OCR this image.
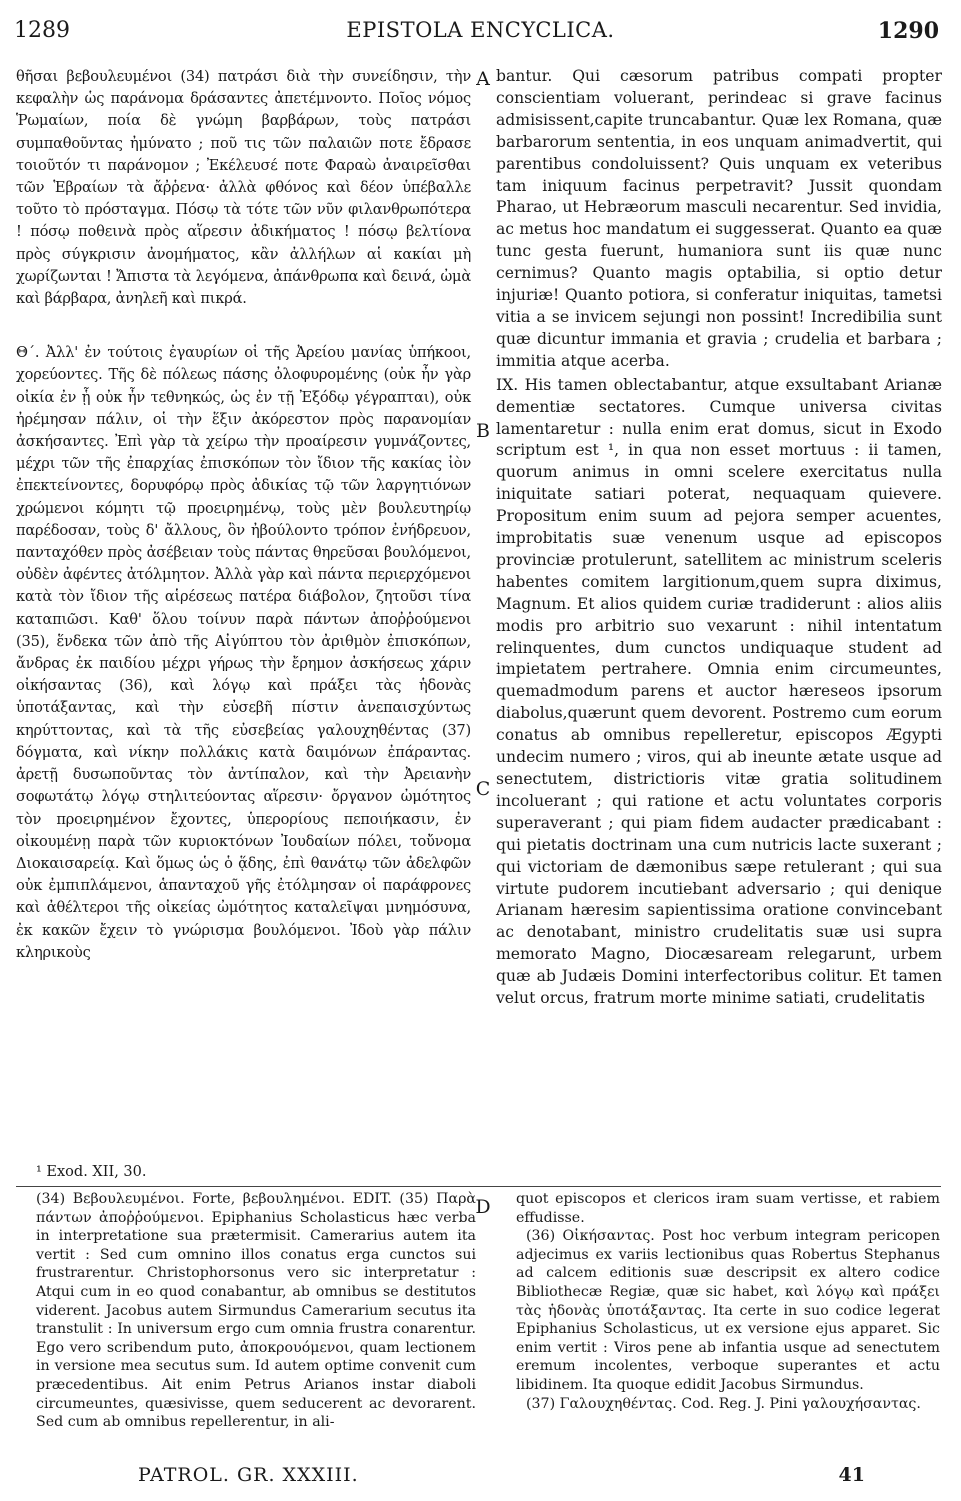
1289	EPISTOLA ENCYCLICA.	1290

θῆσαι βεβουλευμένοι (34) πατράσι διὰ τὴν συνείδησιν, τὴν κεφαλὴν ὡς παράνομα δράσαντες ἀπετέμνοντο. Ποῖος νόμος Ῥωμαίων, ποία δὲ γνώμη βαρβάρων, τοὺς πατράσι συμπαθοῦντας ἠμύνατο ; ποῦ τις τῶν παλαιῶν ποτε ἔδρασε τοιοῦτόν τι παράνομον ; Ἐκέλευσέ ποτε Φαραὼ ἀναιρεῖσθαι τῶν Ἑβραίων τὰ ἄῤῥενα· ἀλλὰ φθόνος καὶ δέον ὑπέβαλλε τοῦτο τὸ πρόσταγμα. Πόσῳ τὰ τότε τῶν νῦν φιλανθρωπότερα ! πόσῳ ποθεινὰ πρὸς αἵρεσιν ἀδικήματος ! πόσῳ βελτίονα πρὸς σύγκρισιν ἀνομήματος, κἂν ἀλλήλων αἱ κακίαι μὴ χωρίζωνται ! Ἄπιστα τὰ λεγόμενα, ἀπάνθρωπα καὶ δεινά, ὠμὰ καὶ βάρβαρα, ἀνηλεῆ καὶ πικρά.

Θ΄. Ἀλλ' ἐν τούτοις ἐγαυρίων οἱ τῆς Ἀρείου μανίας ὑπήκοοι, χορεύοντες. Τῆς δὲ πόλεως πάσης ὀλοφυρομένης (οὐκ ἦν γὰρ οἰκία ἐν ᾗ οὐκ ἦν τεθνηκώς, ὡς ἐν τῇ Ἐξόδῳ γέγραπται), οὐκ ἠρέμησαν πάλιν, οἱ τὴν ἕξιν ἀκόρεστον πρὸς παρανομίαν ἀσκήσαντες. Ἐπὶ γὰρ τὰ χείρω τὴν προαίρεσιν γυμνάζοντες, μέχρι τῶν τῆς ἐπαρχίας ἐπισκόπων τὸν ἴδιον τῆς κακίας ἰὸν ἐπεκτείνοντες, δορυφόρῳ πρὸς ἀδικίας τῷ τῶν λαργητιόνων χρώμενοι κόμητι τῷ προειρημένῳ, τοὺς μὲν βουλευτηρίῳ παρέδοσαν, τοὺς δ' ἄλλους, ὃν ἠβούλοντο τρόπον ἐνήδρευον, πανταχόθεν πρὸς ἀσέβειαν τοὺς πάντας θηρεῦσαι βουλόμενοι, οὐδὲν ἀφέντες ἀτόλμητον. Ἀλλὰ γὰρ καὶ πάντα περιερχόμενοι κατὰ τὸν ἴδιον τῆς αἱρέσεως πατέρα διάβολον, ζητοῦσι τίνα καταπιῶσι. Καθ' ὅλου τοίνυν παρὰ πάντων ἀποῤῥούμενοι (35), ἕνδεκα τῶν ἀπὸ τῆς Αἰγύπτου τὸν ἀριθμὸν ἐπισκόπων, ἄνδρας ἐκ παιδίου μέχρι γήρως τὴν ἔρημον ἀσκήσεως χάριν οἰκήσαντας (36), καὶ λόγῳ καὶ πράξει τὰς ἡδονὰς ὑποτάξαντας, καὶ τὴν εὐσεβῆ πίστιν ἀνεπαισχύντως κηρύττοντας, καὶ τὰ τῆς εὐσεβείας γαλουχηθέντας (37) δόγματα, καὶ νίκην πολλάκις κατὰ δαιμόνων ἐπάραντας. ἀρετῇ δυσωποῦντας τὸν ἀντίπαλον, καὶ τὴν Ἀρειανὴν σοφωτάτῳ λόγῳ στηλιτεύοντας αἵρεσιν· ὄργανον ὠμότητος τὸν προειρημένον ἔχοντες, ὑπερορίους πεποιήκασιν, ἐν οἰκουμένῃ παρὰ τῶν κυριοκτόνων Ἰουδαίων πόλει, τοὔνομα Διοκαισαρείᾳ. Καὶ ὅμως ὡς ὁ ᾅδης, ἐπὶ θανάτῳ τῶν ἀδελφῶν οὐκ ἐμπιπλάμενοι, ἁπανταχοῦ γῆς ἐτόλμησαν οἱ παράφρονες καὶ ἀθέλτεροι τῆς οἰκείας ὠμότητος καταλεῖψαι μνημόσυνα, ἐκ κακῶν ἔχειν τὸ γνώρισμα βουλόμενοι. Ἰδοὺ γὰρ πάλιν κληρικοὺς

bantur. Qui cæsorum patribus compati propter conscientiam voluerant, perindeac si grave facinus admisissent,capite truncabantur. Quæ lex Romana, quæ barbarorum sententia, in eos unquam animadvertit, qui parentibus condoluissent? Quis unquam ex veteribus tam iniquum facinus perpetravit? Jussit quondam Pharao, ut Hebræorum masculi necarentur. Sed invidia, ac metus hoc mandatum ei suggesserat. Quanto ea quæ tunc gesta fuerunt, humaniora sunt iis quæ nunc cernimus? Quanto magis optabilia, si optio detur injuriæ! Quanto potiora, si conferatur iniquitas, tametsi vitia a se invicem sejungi non possint! Incredibilia sunt quæ dicuntur immania et gravia ; crudelia et barbara ; immitia atque acerba.

IX. His tamen oblectabantur, atque exsultabant Arianæ dementiæ sectatores. Cumque universa civitas lamentaretur : nulla enim erat domus, sicut in Exodo scriptum est ¹, in qua non esset mortuus : ii tamen, quorum animus in omni scelere exercitatus nulla iniquitate satiari poterat, nequaquam quievere. Propositum enim suum ad pejora semper acuentes, improbitatis suæ venenum usque ad episcopos provinciæ protulerunt, satellitem ac ministrum sceleris habentes comitem largitionum,quem supra diximus, Magnum. Et alios quidem curiæ tradiderunt : alios aliis modis pro arbitrio suo vexarunt : nihil intentatum relinquentes, dum cunctos undiquaque student ad impietatem pertrahere. Omnia enim circumeuntes, quemadmodum parens et auctor hæreseos ipsorum diabolus,quærunt quem devorent. Postremo cum eorum conatus ab omnibus repelleretur, episcopos Ægypti undecim numero ; viros, qui ab ineunte ætate usque ad senectutem, districtioris vitæ gratia solitudinem incoluerant ; qui ratione et actu voluntates corporis superaverant ; qui piam fidem audacter prædicabant : qui pietatis doctrinam una cum nutricis lacte suxerant ; qui victoriam de dæmonibus sæpe retulerant ; qui sua virtute pudorem incutiebant adversario ; qui denique Arianam hæresim sapientissima oratione convincebant ac denotabant, ministro crudelitatis suæ usi supra memorato Magno, Diocæsaream relegarunt, urbem quæ ab Judæis Domini interfectoribus colitur. Et tamen velut orcus, fratrum morte minime satiati, crudelitatis

A
B
C
D
¹ Exod. XII, 30.

(34) Βεβουλευμένοι. Forte, βεβουλημένοι. EDIT. (35) Παρὰ πάντων ἀποῤῥούμενοι. Epiphanius Scholasticus hæc verba in interpretatione sua prætermisit. Camerarius autem ita vertit : Sed cum omnino illos conatus erga cunctos sui frustrarentur. Christophorsonus vero sic interpretatur : Atqui cum in eo quod conabantur, ab omnibus se destitutos viderent. Jacobus autem Sirmundus Camerarium secutus ita transtulit : In universum ergo cum omnia frustra conarentur. Ego vero scribendum puto, ἀποκρουόμενοι, quam lectionem in versione mea secutus sum. Id autem optime convenit cum præcedentibus. Ait enim Petrus Arianos instar diaboli circumeuntes, quæsivisse, quem seducerent ac devorarent. Sed cum ab omnibus repellerentur, in ali-

quot episcopos et clericos iram suam vertisse, et rabiem effudisse.

(36) Οἰκήσαντας. Post hoc verbum integram pericopen adjecimus ex variis lectionibus quas Robertus Stephanus ad calcem editionis suæ descripsit ex altero codice Bibliothecæ Regiæ, quæ sic habet, καὶ λόγῳ καὶ πράξει τὰς ἡδονὰς ὑποτάξαντας. Ita certe in suo codice legerat Epiphanius Scholasticus, ut ex versione ejus apparet. Sic enim vertit : Viros pene ab infantia usque ad senectutem eremum incolentes, verboque superantes et actu libidinem. Ita quoque edidit Jacobus Sirmundus.

(37) Γαλουχηθέντας. Cod. Reg. J. Pini γαλουχήσαντας.

PATROL. GR. XXXIII.	41
